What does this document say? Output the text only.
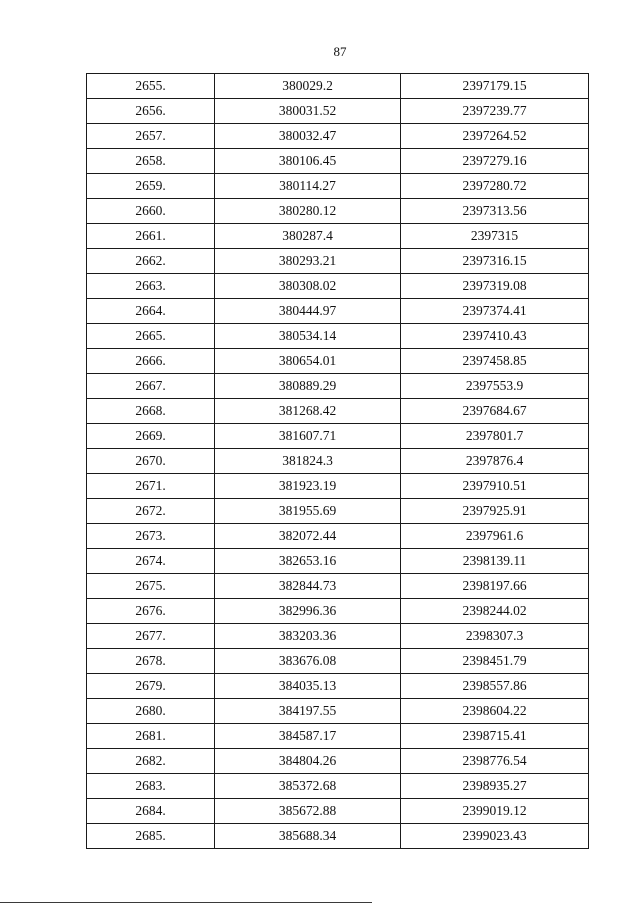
87
2655.	380029.2	2397179.15
2656.	380031.52	2397239.77
2657.	380032.47	2397264.52
2658.	380106.45	2397279.16
2659.	380114.27	2397280.72
2660.	380280.12	2397313.56
2661.	380287.4	2397315
2662.	380293.21	2397316.15
2663.	380308.02	2397319.08
2664.	380444.97	2397374.41
2665.	380534.14	2397410.43
2666.	380654.01	2397458.85
2667.	380889.29	2397553.9
2668.	381268.42	2397684.67
2669.	381607.71	2397801.7
2670.	381824.3	2397876.4
2671.	381923.19	2397910.51
2672.	381955.69	2397925.91
2673.	382072.44	2397961.6
2674.	382653.16	2398139.11
2675.	382844.73	2398197.66
2676.	382996.36	2398244.02
2677.	383203.36	2398307.3
2678.	383676.08	2398451.79
2679.	384035.13	2398557.86
2680.	384197.55	2398604.22
2681.	384587.17	2398715.41
2682.	384804.26	2398776.54
2683.	385372.68	2398935.27
2684.	385672.88	2399019.12
2685.	385688.34	2399023.43
